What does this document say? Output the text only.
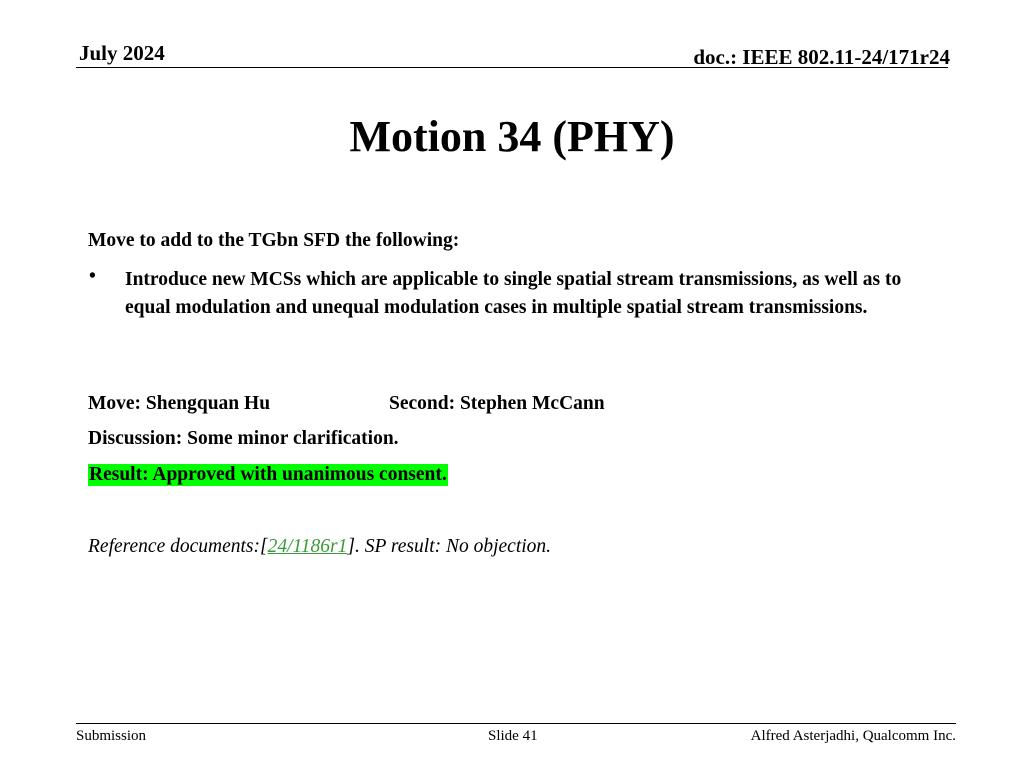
July 2024	doc.: IEEE 802.11-24/171r24
Motion 34 (PHY)
Move to add to the TGbn SFD the following:
• Introduce new MCSs which are applicable to single spatial stream transmissions, as well as to equal modulation and unequal modulation cases in multiple spatial stream transmissions.
Move: Shengquan Hu	Second: Stephen McCann
Discussion: Some minor clarification.
Result: Approved with unanimous consent.
Reference documents:[24/1186r1]. SP result: No objection.
Submission	Slide 41	Alfred Asterjadhi, Qualcomm Inc.
